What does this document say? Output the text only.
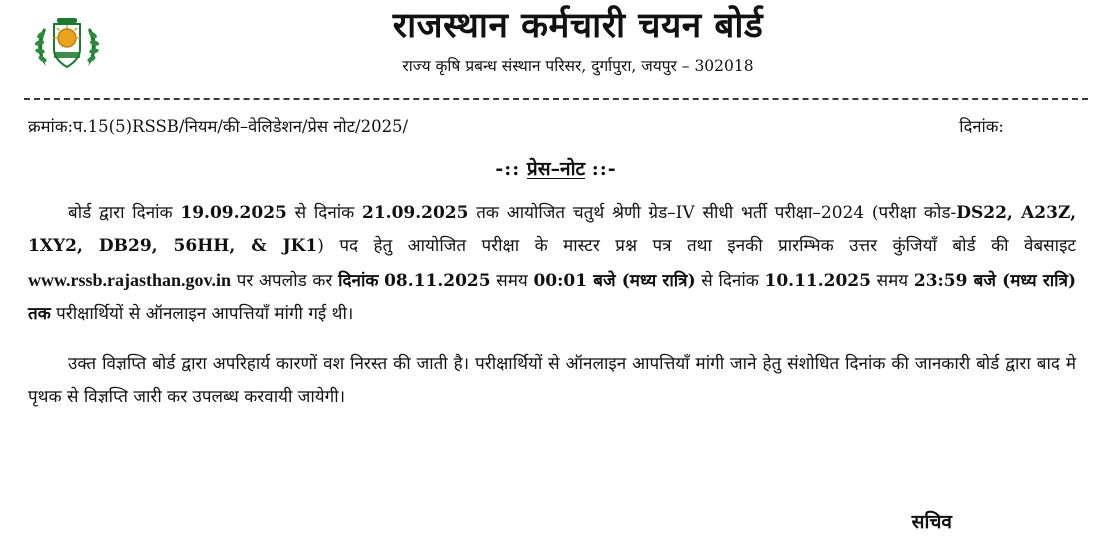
राजस्थान कर्मचारी चयन बोर्ड
राज्य कृषि प्रबन्ध संस्थान परिसर, दुर्गापुरा, जयपुर – 302018
क्रमांक:प.15(5)RSSB/नियम/की–वेलिडेशन/प्रेस नोट/2025/	दिनांक:
-:: प्रेस–नोट ::-

बोर्ड द्वारा दिनांक 19.09.2025 से दिनांक 21.09.2025 तक आयोजित चतुर्थ श्रेणी ग्रेड–IV सीधी भर्ती परीक्षा–2024 (परीक्षा कोड-DS22, A23Z, 1XY2, DB29, 56HH, & JK1) पद हेतु आयोजित परीक्षा के मास्टर प्रश्न पत्र तथा इनकी प्रारम्भिक उत्तर कुंजियाँ बोर्ड की वेबसाइट www.rssb.rajasthan.gov.in पर अपलोड कर दिनांक 08.11.2025 समय 00:01 बजे (मध्य रात्रि) से दिनांक 10.11.2025 समय 23:59 बजे (मध्य रात्रि) तक परीक्षार्थियों से ऑनलाइन आपत्तियाँ मांगी गई थी।

उक्त विज्ञप्ति बोर्ड द्वारा अपरिहार्य कारणों वश निरस्त की जाती है। परीक्षार्थियों से ऑनलाइन आपत्तियाँ मांगी जाने हेतु संशोधित दिनांक की जानकारी बोर्ड द्वारा बाद मे पृथक से विज्ञप्ति जारी कर उपलब्ध करवायी जायेगी।

सचिव
